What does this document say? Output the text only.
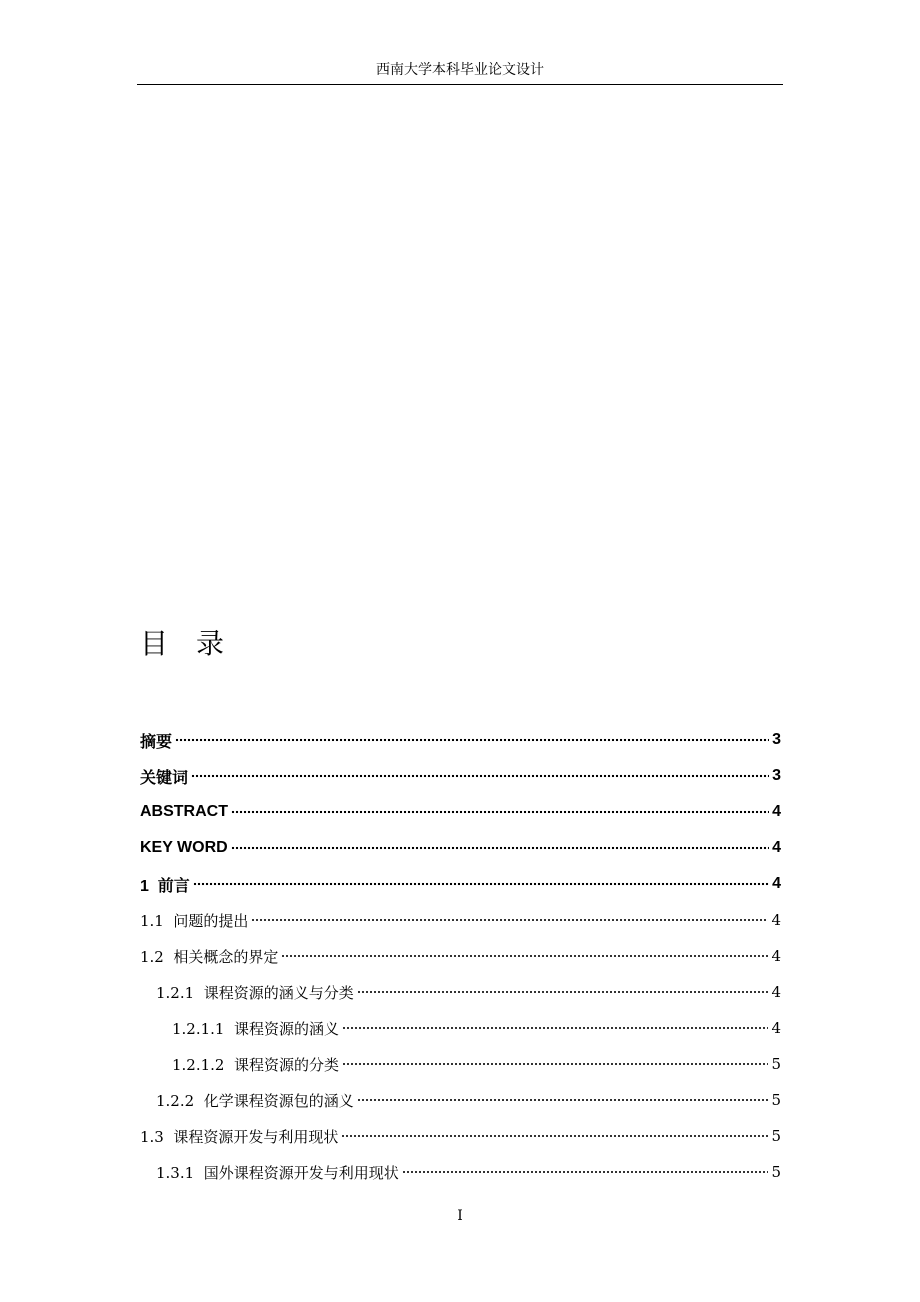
西南大学本科毕业论文设计
目录
摘要	3
关键词	3
ABSTRACT	4
KEY WORD	4
1  前言	4
1.1  问题的提出	4
1.2  相关概念的界定	4
1.2.1  课程资源的涵义与分类	4
1.2.1.1  课程资源的涵义	4
1.2.1.2  课程资源的分类	5
1.2.2  化学课程资源包的涵义	5
1.3  课程资源开发与利用现状	5
1.3.1  国外课程资源开发与利用现状	5
I
